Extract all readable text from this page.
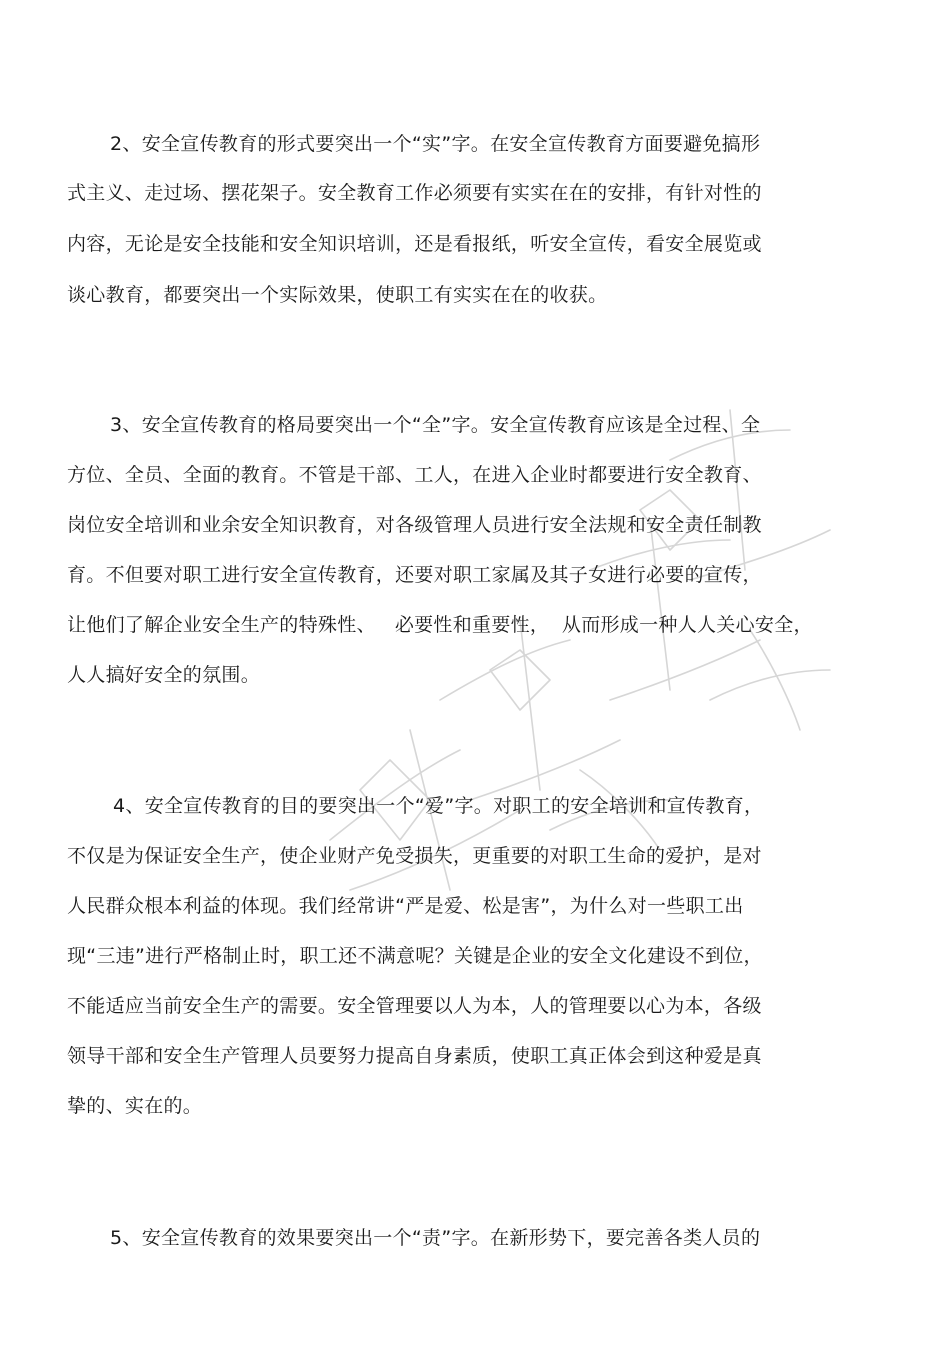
2、安全宣传教育的形式要突出一个“实”字。在安全宣传教育方面要避免搞形
式主义、走过场、摆花架子。安全教育工作必须要有实实在在的安排，有针对性的
内容，无论是安全技能和安全知识培训，还是看报纸，听安全宣传，看安全展览或
谈心教育，都要突出一个实际效果，使职工有实实在在的收获。
3、安全宣传教育的格局要突出一个“全”字。安全宣传教育应该是全过程、全
方位、全员、全面的教育。不管是干部、工人，在进入企业时都要进行安全教育、
岗位安全培训和业余安全知识教育，对各级管理人员进行安全法规和安全责任制教
育。不但要对职工进行安全宣传教育，还要对职工家属及其子女进行必要的宣传，
让他们了解企业安全生产的特殊性、   必要性和重要性，  从而形成一种人人关心安全，
人人搞好安全的氛围。
4、安全宣传教育的目的要突出一个“爱”字。对职工的安全培训和宣传教育，
不仅是为保证安全生产，使企业财产免受损失，更重要的对职工生命的爱护，是对
人民群众根本利益的体现。我们经常讲“严是爱、松是害”，为什么对一些职工出
现“三违”进行严格制止时，职工还不满意呢？关键是企业的安全文化建设不到位，
不能适应当前安全生产的需要。安全管理要以人为本，人的管理要以心为本，各级
领导干部和安全生产管理人员要努力提高自身素质，使职工真正体会到这种爱是真
挚的、实在的。
5、安全宣传教育的效果要突出一个“责”字。在新形势下，要完善各类人员的
